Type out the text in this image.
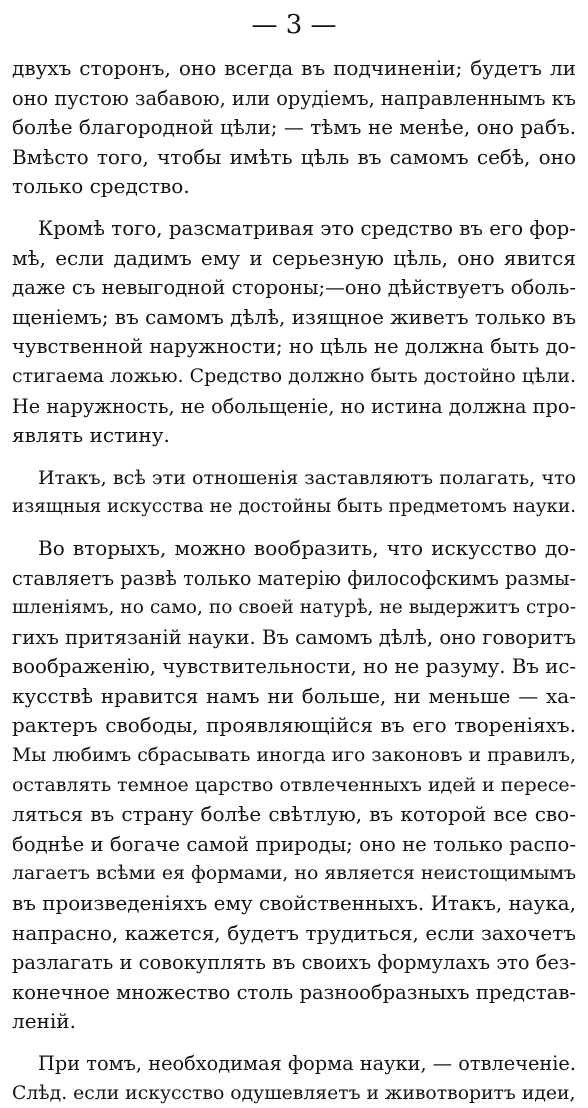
— 3 —
двухъ сторонъ, оно всегда въ подчиненіи; будетъ ли
оно пустою забавою, или орудіемъ, направленнымъ къ
болѣе благородной цѣли; — тѣмъ не менѣе, оно рабъ.
Вмѣсто того, чтобы имѣть цѣль въ самомъ себѣ, оно
только средство.
Кромѣ того, разсматривая это средство въ его фор-
мѣ, если дадимъ ему и серьезную цѣль, оно явится
даже съ невыгодной стороны;—оно дѣйствуетъ оболь-
щеніемъ; въ самомъ дѣлѣ, изящное живетъ только въ
чувственной наружности; но цѣль не должна быть до-
стигаема ложью. Средство должно быть достойно цѣли.
Не наружность, не обольщеніе, но истина должна про-
являть истину.
Итакъ, всѣ эти отношенія заставляютъ полагать, что
изящныя искусства не достойны быть предметомъ науки.
Во вторыхъ, можно вообразить, что искусство до-
ставляетъ развѣ только матерію философскимъ размы-
шленіямъ, но само, по своей натурѣ, не выдержитъ стро-
гихъ притязаній науки. Въ самомъ дѣлѣ, оно говоритъ
воображенію, чувствительности, но не разуму. Въ ис-
кусствѣ нравится намъ ни больше, ни меньше — ха-
рактеръ свободы, проявляющійся въ его твореніяхъ.
Мы любимъ сбрасывать иногда иго законовъ и правилъ,
оставлять темное царство отвлеченныхъ идей и пересе-
ляться въ страну болѣе свѣтлую, въ которой все сво-
боднѣе и богаче самой природы; оно не только распо-
лагаетъ всѣми ея формами, но является неистощимымъ
въ произведеніяхъ ему свойственныхъ. Итакъ, наука,
напрасно, кажется, будетъ трудиться, если захочетъ
разлагать и совокуплять въ своихъ формулахъ это без-
конечное множество столь разнообразныхъ представ-
леній.
При томъ, необходимая форма науки, — отвлеченіе.
Слѣд. если искусство одушевляетъ и животворитъ идеи,
